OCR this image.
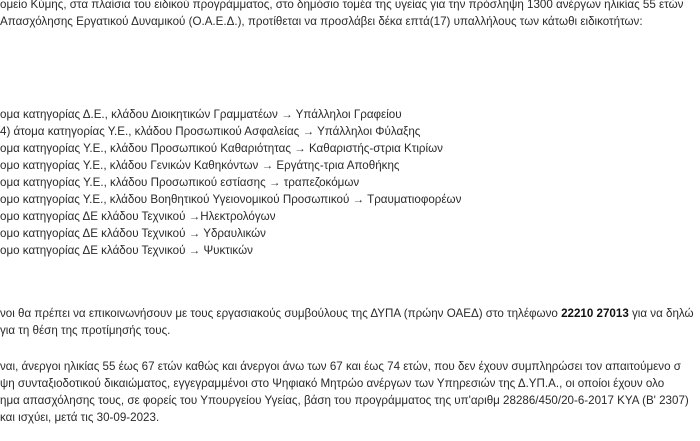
ομείο Κύμης, στα πλαίσια του ειδικού προγράμματος, στο δημόσιο τομέα της υγείας για την πρόσληψη 1300 ανέργων ηλικίας 55 ετών
Απασχόλησης Εργατικού Δυναμικού (Ο.Α.Ε.Δ.), προτίθεται να προσλάβει δέκα επτά(17) υπαλλήλους των κάτωθι ειδικοτήτων:
ομα κατηγορίας Δ.Ε., κλάδου Διοικητικών Γραμματέων → Υπάλληλοι Γραφείου
4) άτομα κατηγορίας Υ.Ε., κλάδου Προσωπικού Ασφαλείας → Υπάλληλοι Φύλαξης
ομα κατηγορίας Υ.Ε., κλάδου Προσωπικού Καθαριότητας → Καθαριστής-στρια Κτιρίων
ομο κατηγορίας Υ.Ε., κλάδου Γενικών Καθηκόντων → Εργάτης-τρια Αποθήκης
ομα κατηγορίας Υ.Ε., κλάδου Προσωπικού εστίασης → τραπεζοκόμων
ομο κατηγορίας Υ.Ε., κλάδου Βοηθητικού Υγειονομικού Προσωπικού → Τραυματιοφορέων
ομο κατηγορίας ΔΕ κλάδου Τεχνικού →Ηλεκτρολόγων
ομο κατηγορίας ΔΕ κλάδου Τεχνικού → Υδραυλικών
ομο κατηγορίας ΔΕ κλάδου Τεχνικού → Ψυκτικών
νοι θα πρέπει να επικοινωνήσουν με τους εργασιακούς συμβούλους της ΔΥΠΑ (πρώην ΟΑΕΔ) στο τηλέφωνο 22210 27013 για να δηλώ
για τη θέση της προτίμησής τους.
ναι, άνεργοι ηλικίας 55 έως 67 ετών καθώς και άνεργοι άνω των 67 και έως 74 ετών, που δεν έχουν συμπληρώσει τον απαιτούμενο σ
ψη συνταξιοδοτικού δικαιώματος, εγγεγραμμένοι στο Ψηφιακό Μητρώο ανέργων των Υπηρεσιών της Δ.ΥΠ.Α., οι οποίοι έχουν ολο
ημα απασχόλησης τους, σε φορείς του Υπουργείου Υγείας, βάση του προγράμματος της υπ'αριθμ 28286/450/20-6-2017 ΚΥΑ (Β' 2307)
και ισχύει, μετά τις 30-09-2023.
